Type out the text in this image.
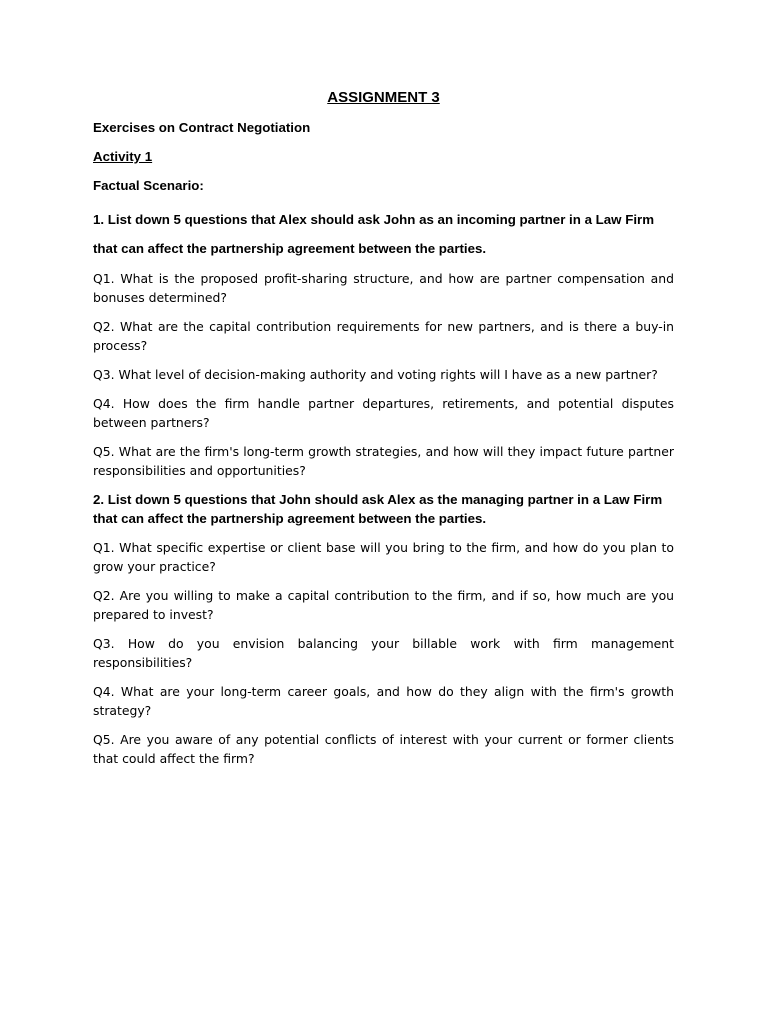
ASSIGNMENT 3
Exercises on Contract Negotiation
Activity 1
Factual Scenario:
1. List down 5 questions that Alex should ask John as an incoming partner in a Law Firm that can affect the partnership agreement between the parties.
Q1. What is the proposed profit-sharing structure, and how are partner compensation and bonuses determined?
Q2. What are the capital contribution requirements for new partners, and is there a buy-in process?
Q3. What level of decision-making authority and voting rights will I have as a new partner?
Q4. How does the firm handle partner departures, retirements, and potential disputes between partners?
Q5. What are the firm's long-term growth strategies, and how will they impact future partner responsibilities and opportunities?
2. List down 5 questions that John should ask Alex as the managing partner in a Law Firm that can affect the partnership agreement between the parties.
Q1. What specific expertise or client base will you bring to the firm, and how do you plan to grow your practice?
Q2. Are you willing to make a capital contribution to the firm, and if so, how much are you prepared to invest?
Q3. How do you envision balancing your billable work with firm management responsibilities?
Q4. What are your long-term career goals, and how do they align with the firm's growth strategy?
Q5. Are you aware of any potential conflicts of interest with your current or former clients that could affect the firm?
